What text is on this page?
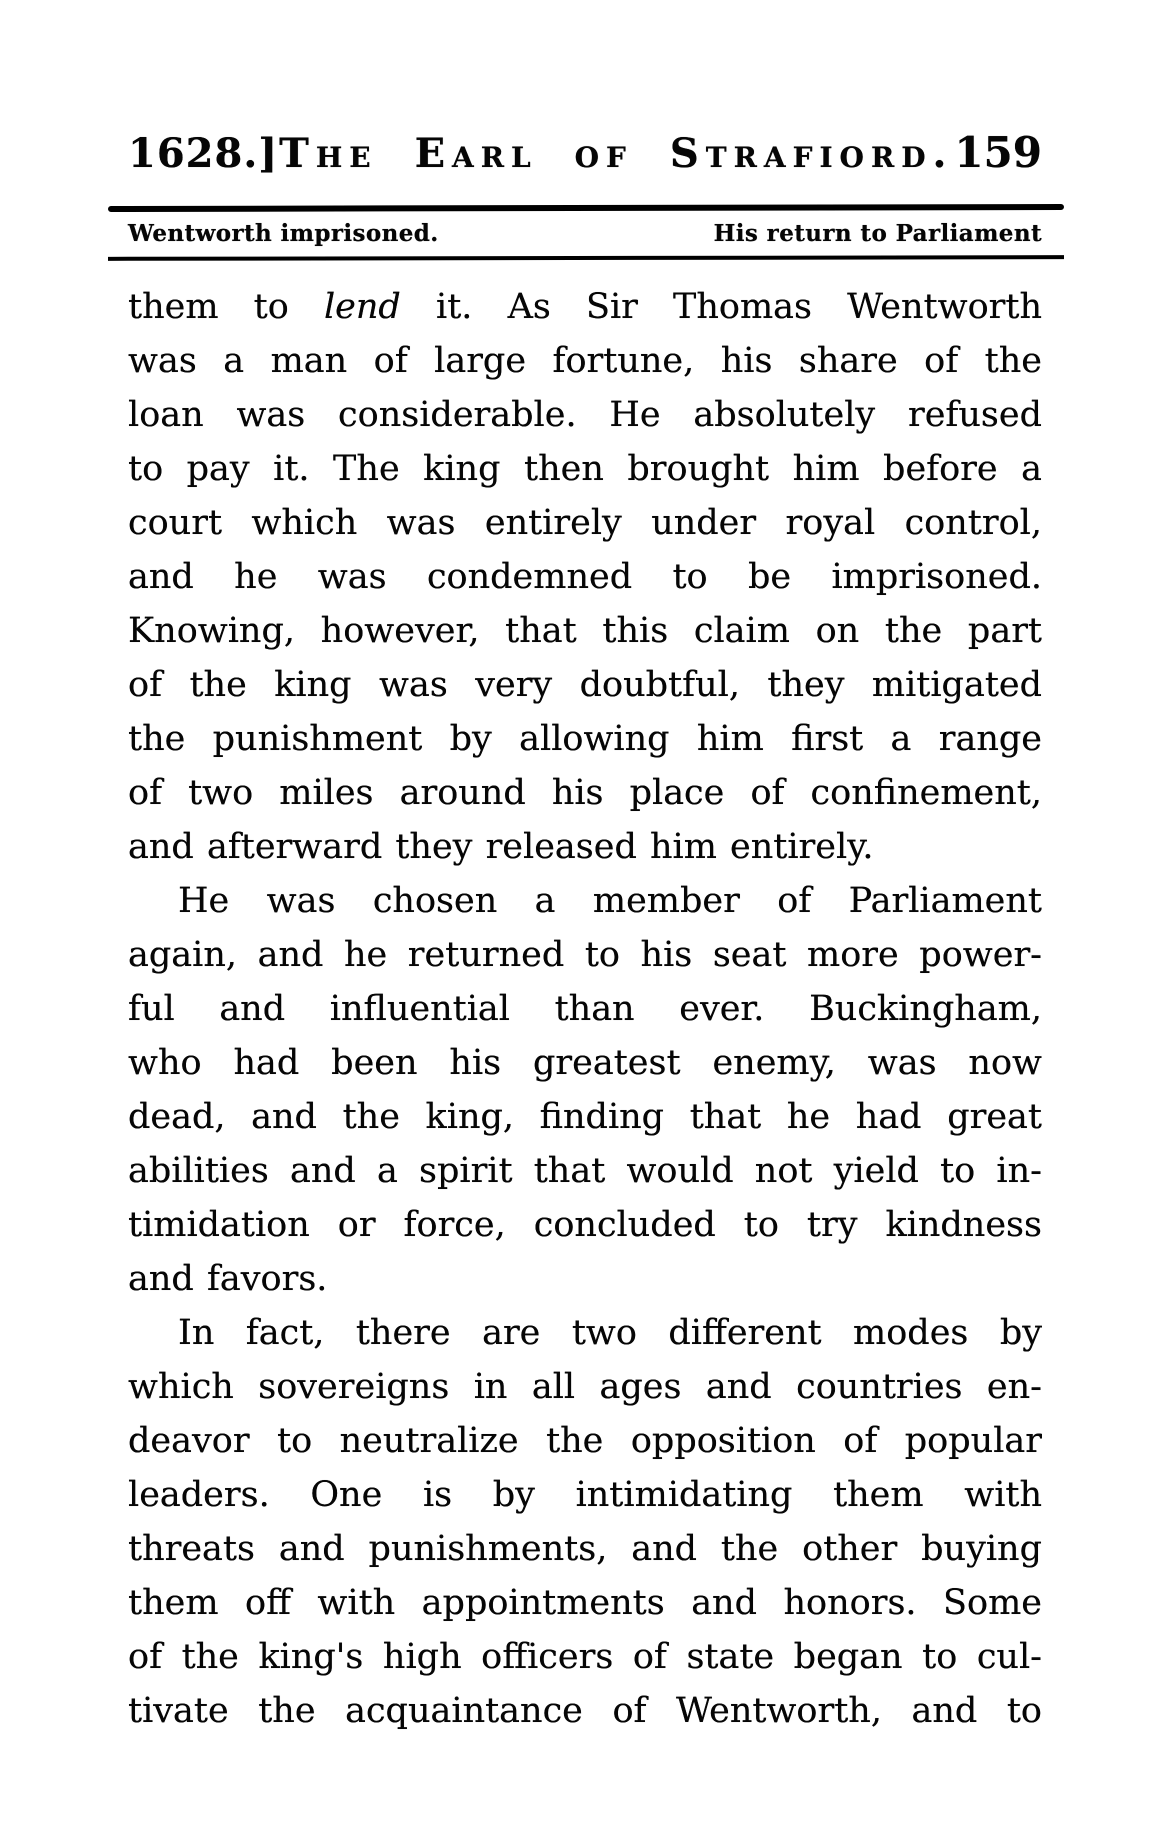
1628.] The Earl of Strafiord. 159
Wentworth imprisoned.	His return to Parliament
them to lend it. As Sir Thomas Wentworth
was a man of large fortune, his share of the
loan was considerable. He absolutely refused
to pay it. The king then brought him before a
court which was entirely under royal control,
and he was condemned to be imprisoned.
Knowing, however, that this claim on the part
of the king was very doubtful, they mitigated
the punishment by allowing him first a range
of two miles around his place of confinement,
and afterward they released him entirely.
He was chosen a member of Parliament
again, and he returned to his seat more power-
ful and influential than ever. Buckingham,
who had been his greatest enemy, was now
dead, and the king, finding that he had great
abilities and a spirit that would not yield to in-
timidation or force, concluded to try kindness
and favors.
In fact, there are two different modes by
which sovereigns in all ages and countries en-
deavor to neutralize the opposition of popular
leaders. One is by intimidating them with
threats and punishments, and the other buying
them off with appointments and honors. Some
of the king's high officers of state began to cul-
tivate the acquaintance of Wentworth, and to
